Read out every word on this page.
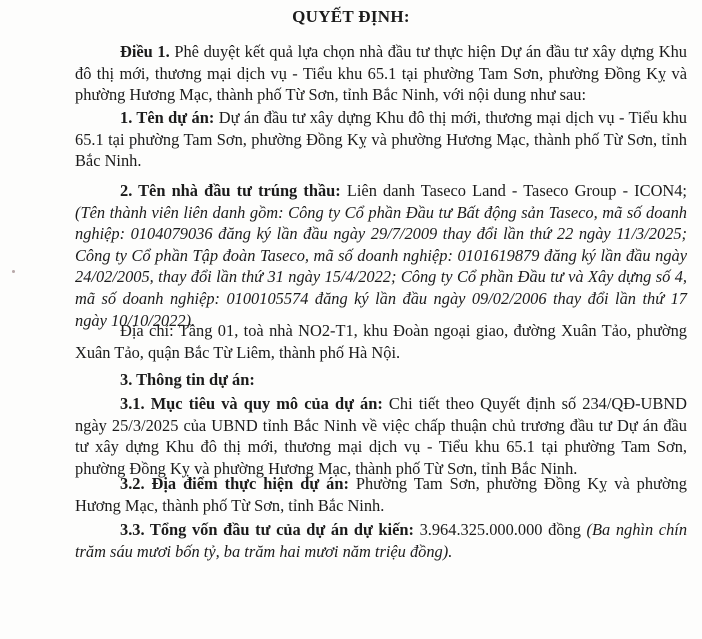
QUYẾT ĐỊNH:
Điều 1. Phê duyệt kết quả lựa chọn nhà đầu tư thực hiện Dự án đầu tư xây dựng Khu đô thị mới, thương mại dịch vụ - Tiểu khu 65.1 tại phường Tam Sơn, phường Đồng Kỵ và phường Hương Mạc, thành phố Từ Sơn, tỉnh Bắc Ninh, với nội dung như sau:
1. Tên dự án: Dự án đầu tư xây dựng Khu đô thị mới, thương mại dịch vụ - Tiểu khu 65.1 tại phường Tam Sơn, phường Đồng Kỵ và phường Hương Mạc, thành phố Từ Sơn, tỉnh Bắc Ninh.
2. Tên nhà đầu tư trúng thầu: Liên danh Taseco Land - Taseco Group - ICON4; (Tên thành viên liên danh gồm: Công ty Cổ phần Đầu tư Bất động sản Taseco, mã số doanh nghiệp: 0104079036 đăng ký lần đầu ngày 29/7/2009 thay đổi lần thứ 22 ngày 11/3/2025; Công ty Cổ phần Tập đoàn Taseco, mã số doanh nghiệp: 0101619879 đăng ký lần đầu ngày 24/02/2005, thay đổi lần thứ 31 ngày 15/4/2022; Công ty Cổ phần Đầu tư và Xây dựng số 4, mã số doanh nghiệp: 0100105574 đăng ký lần đầu ngày 09/02/2006 thay đổi lần thứ 17 ngày 10/10/2022).
Địa chỉ: Tầng 01, toà nhà NO2-T1, khu Đoàn ngoại giao, đường Xuân Tảo, phường Xuân Tảo, quận Bắc Từ Liêm, thành phố Hà Nội.
3. Thông tin dự án:
3.1. Mục tiêu và quy mô của dự án: Chi tiết theo Quyết định số 234/QĐ-UBND ngày 25/3/2025 của UBND tỉnh Bắc Ninh về việc chấp thuận chủ trương đầu tư Dự án đầu tư xây dựng Khu đô thị mới, thương mại dịch vụ - Tiểu khu 65.1 tại phường Tam Sơn, phường Đồng Kỵ và phường Hương Mạc, thành phố Từ Sơn, tỉnh Bắc Ninh.
3.2. Địa điểm thực hiện dự án: Phường Tam Sơn, phường Đồng Kỵ và phường Hương Mạc, thành phố Từ Sơn, tỉnh Bắc Ninh.
3.3. Tổng vốn đầu tư của dự án dự kiến: 3.964.325.000.000 đồng (Ba nghìn chín trăm sáu mươi bốn tỷ, ba trăm hai mươi năm triệu đồng).
